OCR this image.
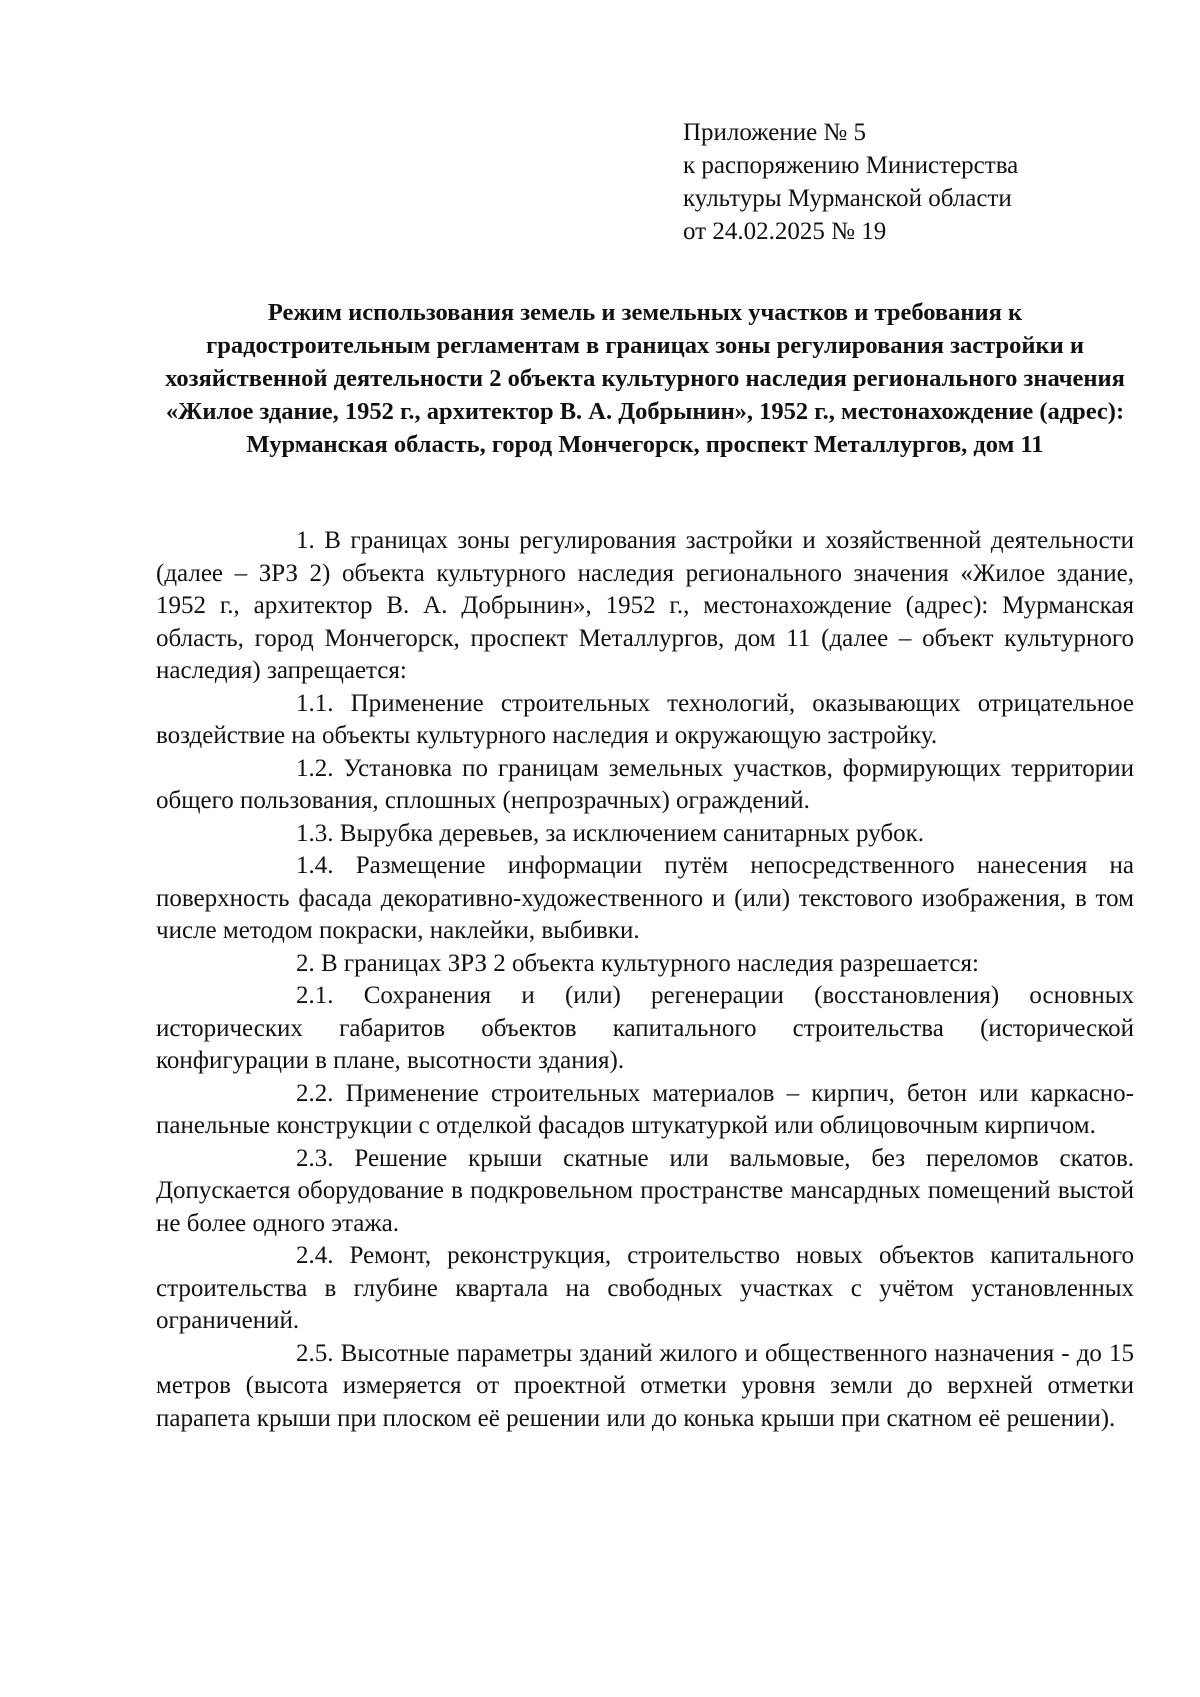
Приложение № 5
к распоряжению Министерства
культуры Мурманской области
от 24.02.2025 № 19
Режим использования земель и земельных участков и требования к градостроительным регламентам в границах зоны регулирования застройки и хозяйственной деятельности 2 объекта культурного наследия регионального значения «Жилое здание, 1952 г., архитектор В. А. Добрынин», 1952 г., местонахождение (адрес): Мурманская область, город Мончегорск, проспект Металлургов, дом 11

1. В границах зоны регулирования застройки и хозяйственной деятельности (далее – ЗРЗ 2) объекта культурного наследия регионального значения «Жилое здание, 1952 г., архитектор В. А. Добрынин», 1952 г., местонахождение (адрес): Мурманская область, город Мончегорск, проспект Металлургов, дом 11 (далее – объект культурного наследия) запрещается:

1.1. Применение строительных технологий, оказывающих отрицательное воздействие на объекты культурного наследия и окружающую застройку.

1.2. Установка по границам земельных участков, формирующих территории общего пользования, сплошных (непрозрачных) ограждений.

1.3. Вырубка деревьев, за исключением санитарных рубок.

1.4. Размещение информации путём непосредственного нанесения на поверхность фасада декоративно-художественного и (или) текстового изображения, в том числе методом покраски, наклейки, выбивки.

2. В границах ЗРЗ 2 объекта культурного наследия разрешается:

2.1. Сохранения и (или) регенерации (восстановления) основных исторических габаритов объектов капитального строительства (исторической конфигурации в плане, высотности здания).

2.2. Применение строительных материалов – кирпич, бетон или каркасно-панельные конструкции с отделкой фасадов штукатуркой или облицовочным кирпичом.

2.3. Решение крыши скатные или вальмовые, без переломов скатов. Допускается оборудование в подкровельном пространстве мансардных помещений выстой не более одного этажа.

2.4. Ремонт, реконструкция, строительство новых объектов капитального строительства в глубине квартала на свободных участках с учётом установленных ограничений.

2.5. Высотные параметры зданий жилого и общественного назначения - до 15 метров (высота измеряется от проектной отметки уровня земли до верхней отметки парапета крыши при плоском её решении или до конька крыши при скатном её решении).
